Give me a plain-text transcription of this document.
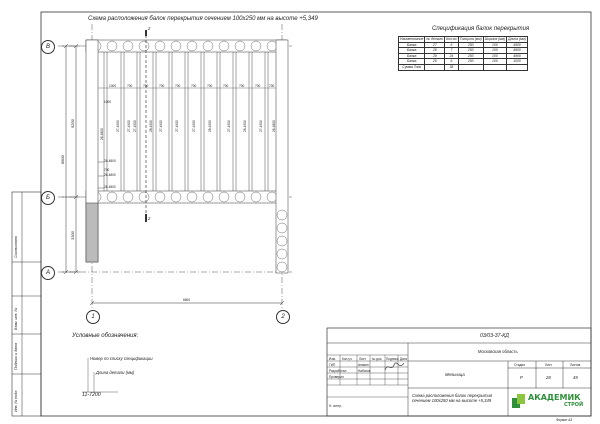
Схема расположения балок перекрытия сечением 100х250 мм на высоте +5,349
В
Б
А
1	2
2
2
8800
5200
3300
6600
1000	700	700	700	700	700	700	700	700	700	700
26-4800
27-4900 27-4900 27-4900	28-4900 27-4900	27-4900	27-4900	28-4900	27-4900	28-4900	27-4900	26-4800
26-4800
26-4800
26-4800
700
1000
Спецификация балок перекрытия
Наименование	№ детали	Кол-во	Толщина (мм)	Ширина (мм)	Длина (мм)
Балка	27	6	250	100	4900
Балка	28	7	250	100	4900
Балка	29	24	250	100	4900
Балка	26	6	250	100	1000
Сумма Total		38			
Условные обозначения:
Номер по списку спецификации
Длина детали (мм)
11-7200
Согласовано
Взам. инв. №
Подпись и дата
Инв. № подл.
03/03-37-КД
Московская область
Мельница
Схема расположения балок перекрытия сечением 100х250 мм на высоте +5,349
Стадия	Лист	Листов
Р	28	49
Изм. Кол.уч. Лист № док. Подпись Дата
ГИП
Разработал
Проверил
Аникин
Набатов
Н. контр.
АКАДЕМИК
СТРОЙ
Формат А3
